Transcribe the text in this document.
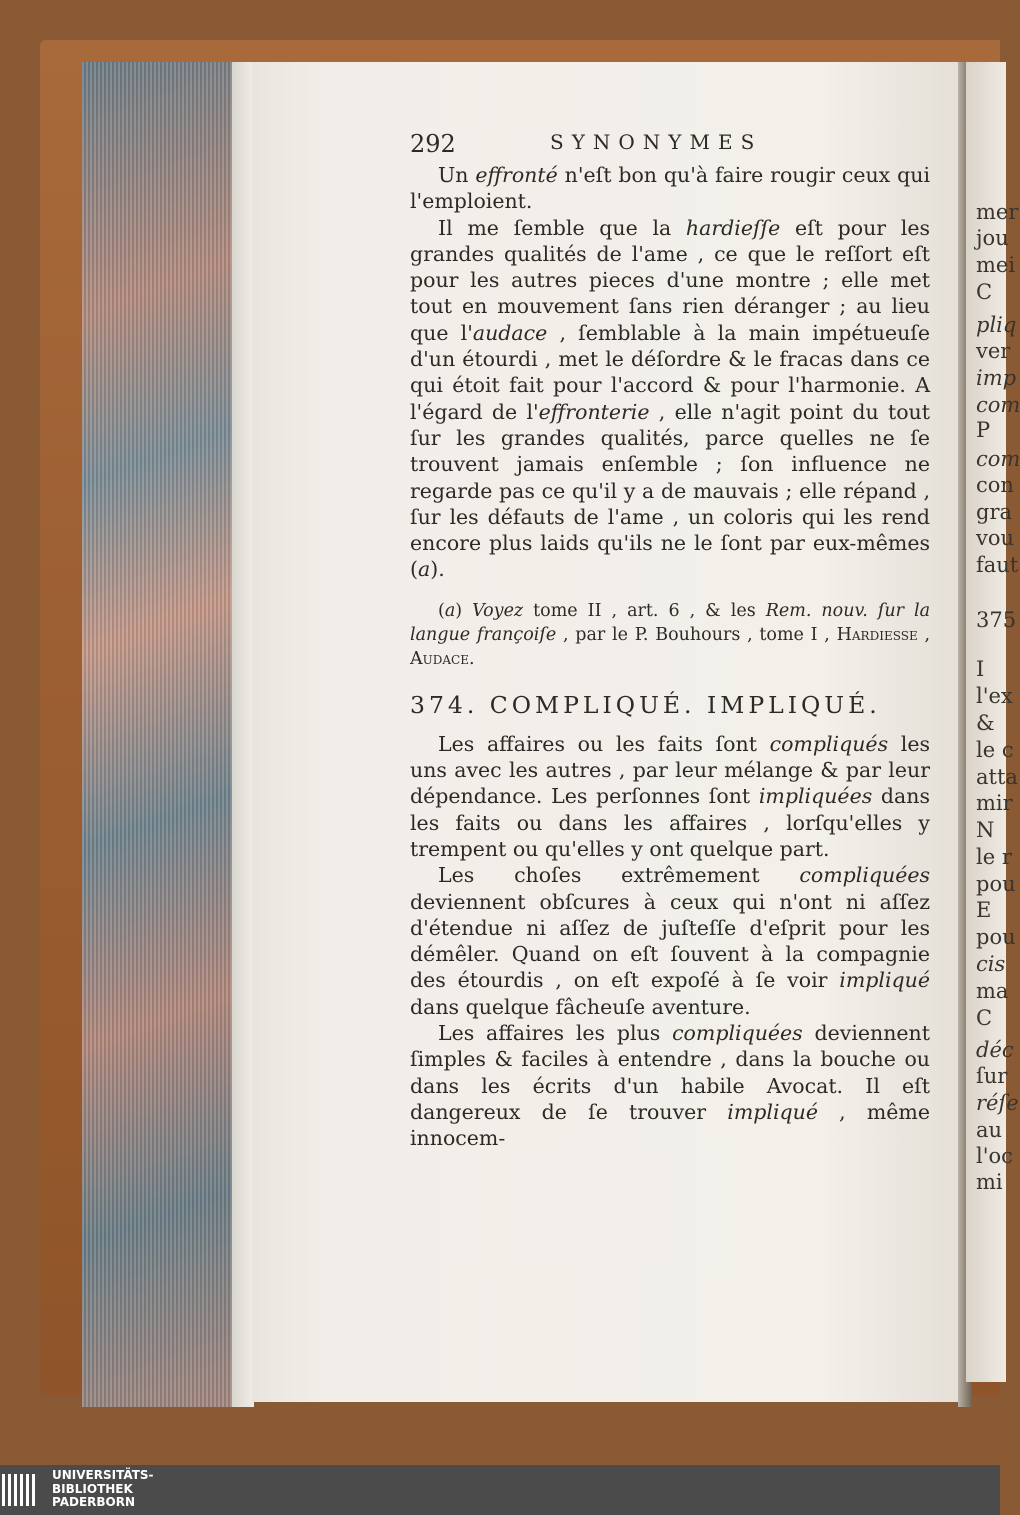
mer
jou
mei
C
pliq
ver
imp
com
P
com
con
gra
vou
faut
375
I
l'ex
&
le c
atta
mir
N
le r
pou
E
pou
cis
ma
C
déc
ſur
réſe
au
l'oc
mi
292	SYNONYMES

Un effronté n'eſt bon qu'à faire rougir ceux qui l'emploient.

Il me ſemble que la hardieſſe eſt pour les grandes qualités de l'ame , ce que le reſſort eſt pour les autres pieces d'une montre ; elle met tout en mouvement ſans rien déranger ; au lieu que l'audace , ſemblable à la main impétueuſe d'un étourdi , met le déſordre & le fracas dans ce qui étoit fait pour l'accord & pour l'harmonie. A l'égard de l'effronterie , elle n'agit point du tout ſur les grandes qualités, parce quelles ne ſe trouvent jamais enſemble ; ſon influence ne regarde pas ce qu'il y a de mauvais ; elle répand , ſur les défauts de l'ame , un coloris qui les rend encore plus laids qu'ils ne le ſont par eux-mêmes (a).

(a) Voyez tome II , art. 6 , & les Rem. nouv. ſur la langue françoiſe , par le P. Bouhours , tome I , Hardiesse , Audace.

374. COMPLIQUÉ. IMPLIQUÉ.

Les affaires ou les faits ſont compliqués les uns avec les autres , par leur mélange & par leur dépendance. Les perſonnes ſont impliquées dans les faits ou dans les affaires , lorſqu'elles y trempent ou qu'elles y ont quelque part.

Les choſes extrêmement compliquées deviennent obſcures à ceux qui n'ont ni aſſez d'étendue ni aſſez de juſteſſe d'eſprit pour les démêler. Quand on eſt ſouvent à la compagnie des étourdis , on eſt expoſé à ſe voir impliqué dans quelque fâcheuſe aventure.

Les affaires les plus compliquées deviennent ſimples & faciles à entendre , dans la bouche ou dans les écrits d'un habile Avocat. Il eſt dangereux de ſe trouver impliqué , même innocem-

UNIVERSITÄTS-
BIBLIOTHEK
PADERBORN
